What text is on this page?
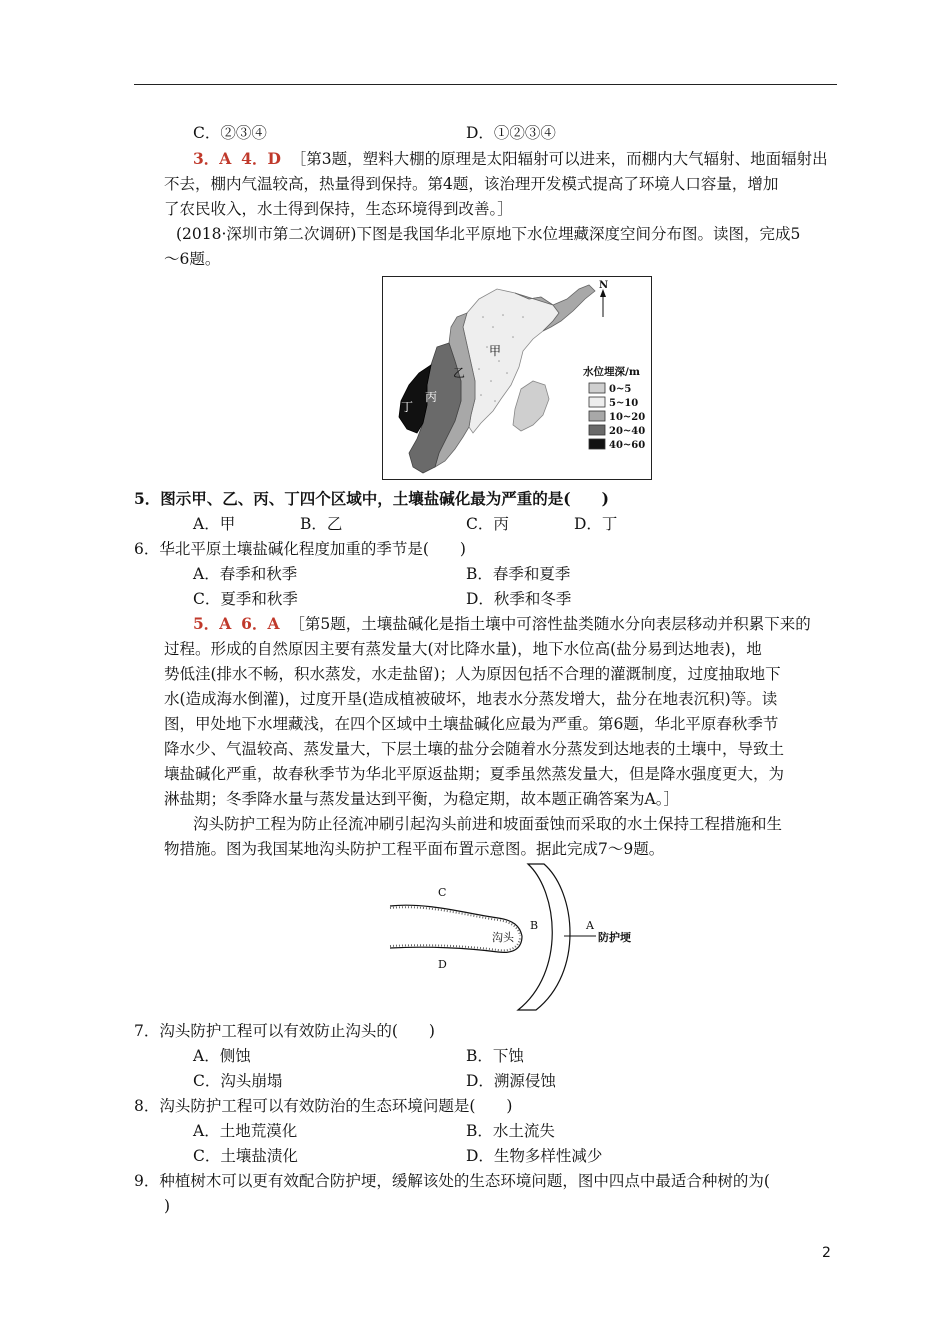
C．②③④	D．①②③④
3．A 4．D ［第3题，塑料大棚的原理是太阳辐射可以进来，而棚内大气辐射、地面辐射出
不去，棚内气温较高，热量得到保持。第4题，该治理开发模式提高了环境人口容量，增加
了农民收入，水土得到保持，生态环境得到改善。］
(2018·深圳市第二次调研)下图是我国华北平原地下水位埋藏深度空间分布图。读图，完成5
～6题。
甲
乙
丙
丁
N
水位埋深/m
0~5
5~10
10~20
20~40
40~60
5．图示甲、乙、丙、丁四个区域中，土壤盐碱化最为严重的是(　　)
A．甲	B．乙	C．丙	D．丁
6．华北平原土壤盐碱化程度加重的季节是(　　)
A．春季和秋季	B．春季和夏季
C．夏季和秋季	D．秋季和冬季
5．A 6．A ［第5题，土壤盐碱化是指土壤中可溶性盐类随水分向表层移动并积累下来的
过程。形成的自然原因主要有蒸发量大(对比降水量)，地下水位高(盐分易到达地表)，地
势低洼(排水不畅，积水蒸发，水走盐留)；人为原因包括不合理的灌溉制度，过度抽取地下
水(造成海水倒灌)，过度开垦(造成植被破坏，地表水分蒸发增大，盐分在地表沉积)等。读
图，甲处地下水埋藏浅，在四个区域中土壤盐碱化应最为严重。第6题，华北平原春秋季节
降水少、气温较高、蒸发量大，下层土壤的盐分会随着水分蒸发到达地表的土壤中，导致土
壤盐碱化严重，故春秋季节为华北平原返盐期；夏季虽然蒸发量大，但是降水强度更大，为
淋盐期；冬季降水量与蒸发量达到平衡，为稳定期，故本题正确答案为A。］
沟头防护工程为防止径流冲刷引起沟头前进和坡面蚕蚀而采取的水土保持工程措施和生
物措施。图为我国某地沟头防护工程平面布置示意图。据此完成7～9题。
C
D
B	A
沟头	防护埂
7．沟头防护工程可以有效防止沟头的(　　)
A．侧蚀	B．下蚀
C．沟头崩塌	D．溯源侵蚀
8．沟头防护工程可以有效防治的生态环境问题是(　　)
A．土地荒漠化	B．水土流失
C．土壤盐渍化	D．生物多样性减少
9．种植树木可以更有效配合防护埂，缓解该处的生态环境问题，图中四点中最适合种树的为(
)
2
